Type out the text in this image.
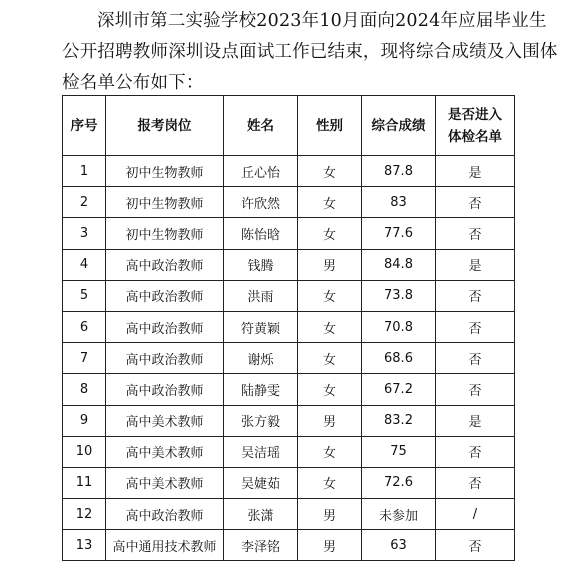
深圳市第二实验学校2023年10月面向2024年应届毕业生公开招聘教师深圳设点面试工作已结束，现将综合成绩及入围体检名单公布如下：

序号	报考岗位	姓名	性别	综合成绩	是否进入体检名单
1	初中生物教师	丘心怡	女	87.8	是
2	初中生物教师	许欣然	女	83	否
3	初中生物教师	陈怡晗	女	77.6	否
4	高中政治教师	钱腾	男	84.8	是
5	高中政治教师	洪雨	女	73.8	否
6	高中政治教师	符黄颖	女	70.8	否
7	高中政治教师	谢烁	女	68.6	否
8	高中政治教师	陆静雯	女	67.2	否
9	高中美术教师	张方毅	男	83.2	是
10	高中美术教师	吴洁瑶	女	75	否
11	高中美术教师	吴婕茹	女	72.6	否
12	高中政治教师	张潇	男	未参加	/
13	高中通用技术教师	李泽铭	男	63	否
